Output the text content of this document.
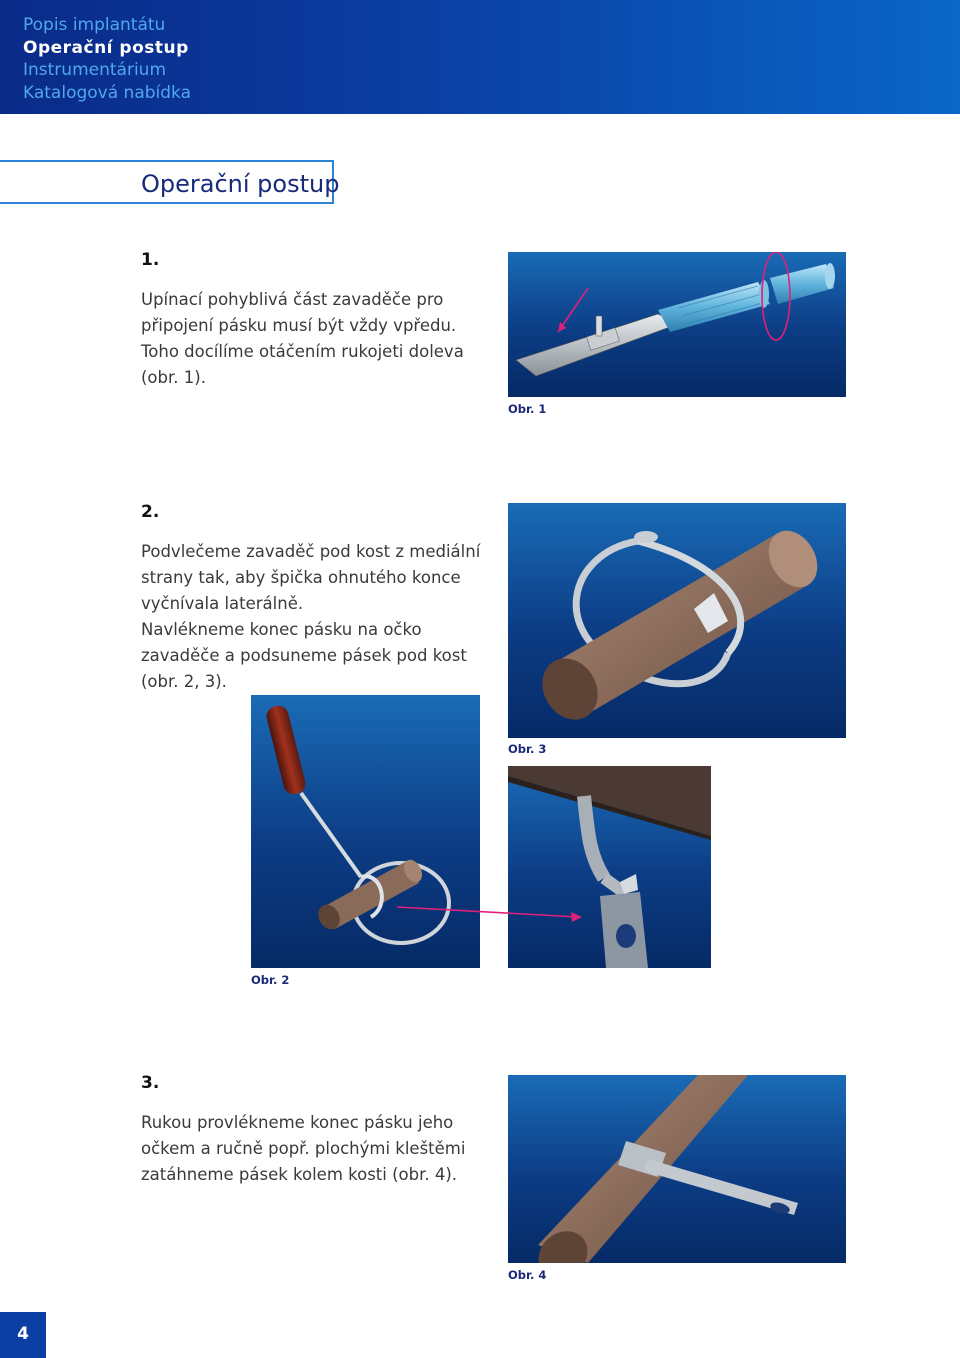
Popis implantátu
Operační postup
Instrumentárium
Katalogová nabídka
Operační postup
1.

Upínací pohyblivá část zavaděče pro připojení pásku musí být vždy vpředu. Toho docílíme otáčením rukojeti doleva (obr. 1).

Obr. 1
2.

Podvlečeme zavaděč pod kost z mediální strany tak, aby špička ohnutého konce vyčnívala laterálně.

Navlékneme konec pásku na očko zavaděče a podsuneme pásek pod kost (obr. 2, 3).

Obr. 3
Obr. 2
3.

Rukou provlékneme konec pásku jeho očkem a ručně popř. plochými kleštěmi zatáhneme pásek kolem kosti (obr. 4).

Obr. 4
4
